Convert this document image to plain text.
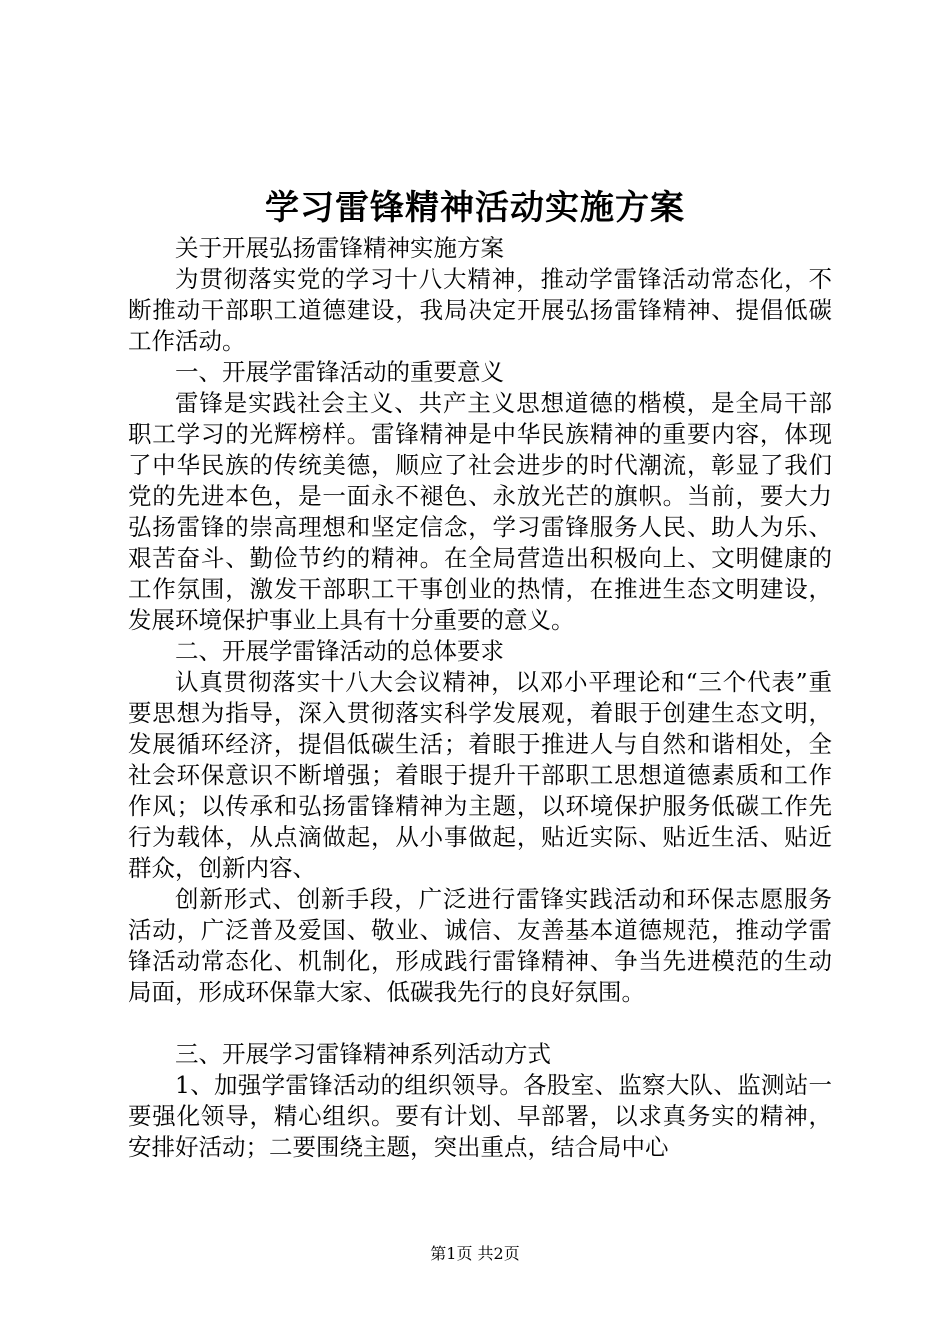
学习雷锋精神活动实施方案

关于开展弘扬雷锋精神实施方案

为贯彻落实党的学习十八大精神，推动学雷锋活动常态化，不断推动干部职工道德建设，我局决定开展弘扬雷锋精神、提倡低碳工作活动。

一、开展学雷锋活动的重要意义

雷锋是实践社会主义、共产主义思想道德的楷模，是全局干部职工学习的光辉榜样。雷锋精神是中华民族精神的重要内容，体现了中华民族的传统美德，顺应了社会进步的时代潮流，彰显了我们党的先进本色，是一面永不褪色、永放光芒的旗帜。当前，要大力弘扬雷锋的崇高理想和坚定信念，学习雷锋服务人民、助人为乐、艰苦奋斗、勤俭节约的精神。在全局营造出积极向上、文明健康的工作氛围，激发干部职工干事创业的热情，在推进生态文明建设，发展环境保护事业上具有十分重要的意义。

二、开展学雷锋活动的总体要求

认真贯彻落实十八大会议精神，以邓小平理论和“三个代表”重要思想为指导，深入贯彻落实科学发展观，着眼于创建生态文明，发展循环经济，提倡低碳生活；着眼于推进人与自然和谐相处，全社会环保意识不断增强；着眼于提升干部职工思想道德素质和工作作风；以传承和弘扬雷锋精神为主题，以环境保护服务低碳工作先行为载体，从点滴做起，从小事做起，贴近实际、贴近生活、贴近群众，创新内容、

创新形式、创新手段，广泛进行雷锋实践活动和环保志愿服务活动，广泛普及爱国、敬业、诚信、友善基本道德规范，推动学雷锋活动常态化、机制化，形成践行雷锋精神、争当先进模范的生动局面，形成环保靠大家、低碳我先行的良好氛围。

三、开展学习雷锋精神系列活动方式

1、加强学雷锋活动的组织领导。各股室、监察大队、监测站一要强化领导，精心组织。要有计划、早部署，以求真务实的精神，安排好活动；二要围绕主题，突出重点，结合局中心

第1页 共2页
